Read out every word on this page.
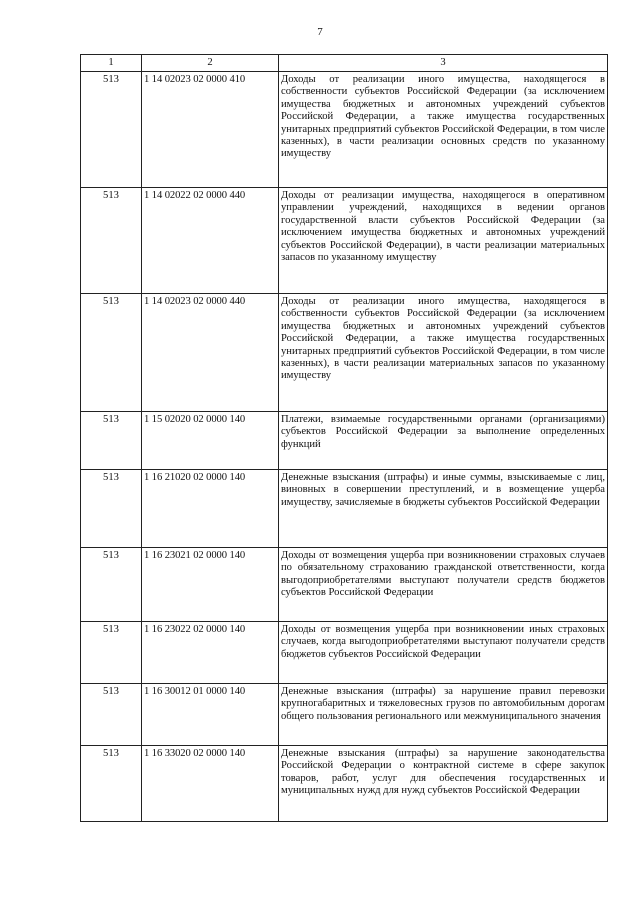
7
1	2	3
513	1 14 02023 02 0000 410	Доходы от реализации иного имущества, находящегося в собственности субъектов Российской Федерации (за исключением имущества бюджетных и автономных учреждений субъектов Российской Федерации, а также имущества государственных унитарных предприятий субъектов Российской Федерации, в том числе казенных), в части реализации основных средств по указанному имуществу
513	1 14 02022 02 0000 440	Доходы от реализации имущества, находящегося в оперативном управлении учреждений, находящихся в ведении органов государственной власти субъектов Российской Федерации (за исключением имущества бюджетных и автономных учреждений субъектов Российской Федерации), в части реализации материальных запасов по указанному имуществу
513	1 14 02023 02 0000 440	Доходы от реализации иного имущества, находящегося в собственности субъектов Российской Федерации (за исключением имущества бюджетных и автономных учреждений субъектов Российской Федерации, а также имущества государственных унитарных предприятий субъектов Российской Федерации, в том числе казенных), в части реализации материальных запасов по указанному имуществу
513	1 15 02020 02 0000 140	Платежи, взимаемые государственными органами (организациями) субъектов Российской Федерации за выполнение определенных функций
513	1 16 21020 02 0000 140	Денежные взыскания (штрафы) и иные суммы, взыскиваемые с лиц, виновных в совершении преступлений, и в возмещение ущерба имуществу, зачисляемые в бюджеты субъектов Российской Федерации
513	1 16 23021 02 0000 140	Доходы от возмещения ущерба при возникновении страховых случаев по обязательному страхованию гражданской ответственности, когда выгодоприобретателями выступают получатели средств бюджетов субъектов Российской Федерации
513	1 16 23022 02 0000 140	Доходы от возмещения ущерба при возникновении иных страховых случаев, когда выгодоприобретателями выступают получатели средств бюджетов субъектов Российской Федерации
513	1 16 30012 01 0000 140	Денежные взыскания (штрафы) за нарушение правил перевозки крупногабаритных и тяжеловесных грузов по автомобильным дорогам общего пользования регионального или межмуниципального значения
513	1 16 33020 02 0000 140	Денежные взыскания (штрафы) за нарушение законодательства Российской Федерации о контрактной системе в сфере закупок товаров, работ, услуг для обеспечения государственных и муниципальных нужд для нужд субъектов Российской Федерации
